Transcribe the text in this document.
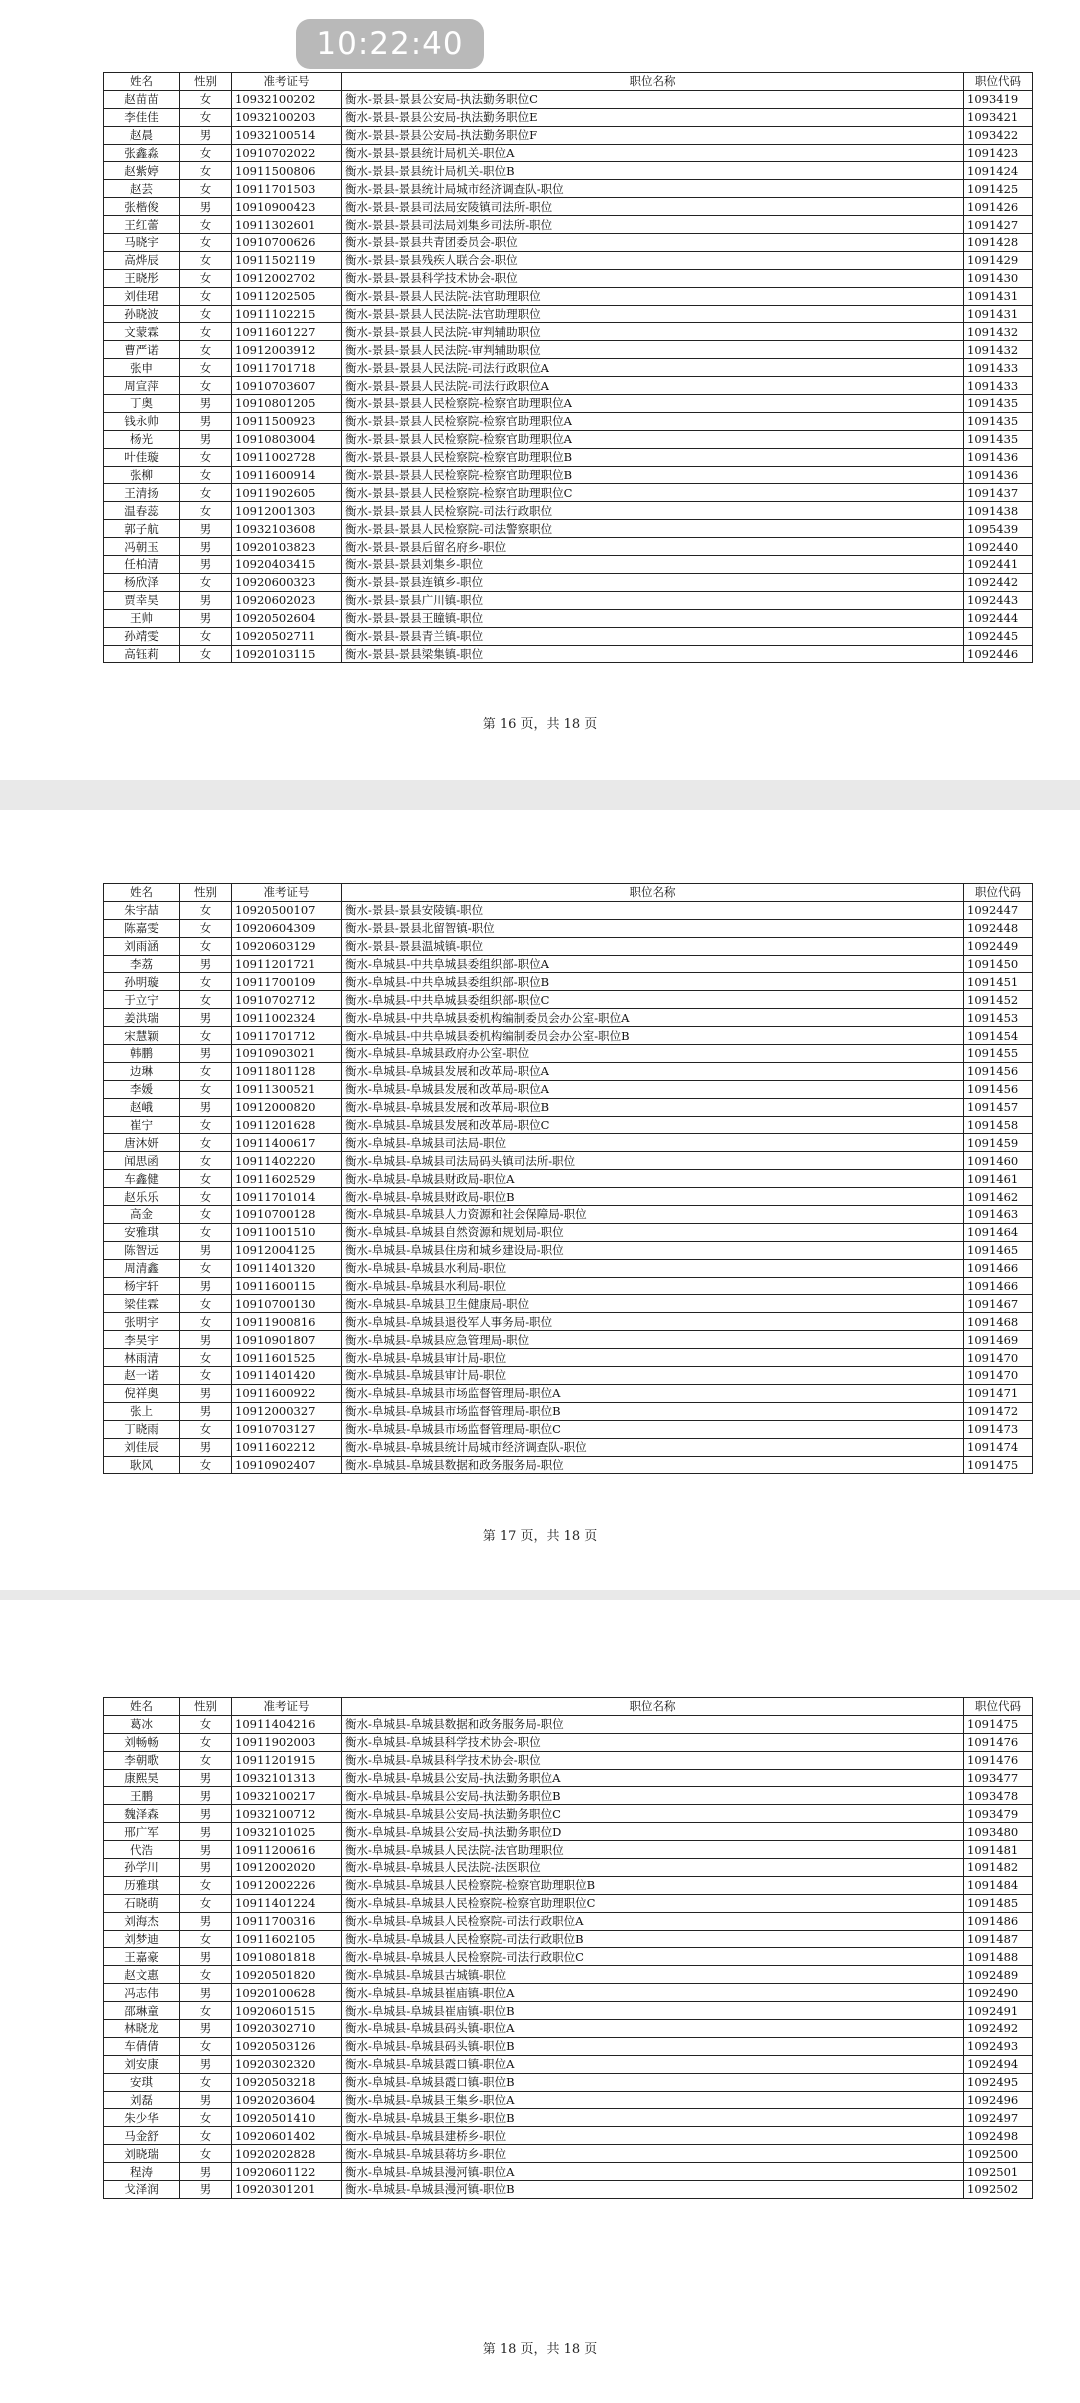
10:22:40
姓名	性别	准考证号	职位名称	职位代码
赵苗苗	女	10932100202	衡水-景县-景县公安局-执法勤务职位C	1093419
李佳佳	女	10932100203	衡水-景县-景县公安局-执法勤务职位E	1093421
赵晨	男	10932100514	衡水-景县-景县公安局-执法勤务职位F	1093422
张鑫淼	女	10910702022	衡水-景县-景县统计局机关-职位A	1091423
赵紫婷	女	10911500806	衡水-景县-景县统计局机关-职位B	1091424
赵芸	女	10911701503	衡水-景县-景县统计局城市经济调查队-职位	1091425
张楷俊	男	10910900423	衡水-景县-景县司法局安陵镇司法所-职位	1091426
王红蕾	女	10911302601	衡水-景县-景县司法局刘集乡司法所-职位	1091427
马晓宇	女	10910700626	衡水-景县-景县共青团委员会-职位	1091428
高烨辰	女	10911502119	衡水-景县-景县残疾人联合会-职位	1091429
王晓彤	女	10912002702	衡水-景县-景县科学技术协会-职位	1091430
刘佳珺	女	10911202505	衡水-景县-景县人民法院-法官助理职位	1091431
孙晓波	女	10911102215	衡水-景县-景县人民法院-法官助理职位	1091431
文蒙霖	女	10911601227	衡水-景县-景县人民法院-审判辅助职位	1091432
曹严诺	女	10912003912	衡水-景县-景县人民法院-审判辅助职位	1091432
张申	女	10911701718	衡水-景县-景县人民法院-司法行政职位A	1091433
周宣萍	女	10910703607	衡水-景县-景县人民法院-司法行政职位A	1091433
丁奥	男	10910801205	衡水-景县-景县人民检察院-检察官助理职位A	1091435
钱永帅	男	10911500923	衡水-景县-景县人民检察院-检察官助理职位A	1091435
杨光	男	10910803004	衡水-景县-景县人民检察院-检察官助理职位A	1091435
叶佳璇	女	10911002728	衡水-景县-景县人民检察院-检察官助理职位B	1091436
张柳	女	10911600914	衡水-景县-景县人民检察院-检察官助理职位B	1091436
王清扬	女	10911902605	衡水-景县-景县人民检察院-检察官助理职位C	1091437
温春蕊	女	10912001303	衡水-景县-景县人民检察院-司法行政职位	1091438
郭子航	男	10932103608	衡水-景县-景县人民检察院-司法警察职位	1095439
冯朝玉	男	10920103823	衡水-景县-景县后留名府乡-职位	1092440
任柏清	男	10920403415	衡水-景县-景县刘集乡-职位	1092441
杨欣泽	女	10920600323	衡水-景县-景县连镇乡-职位	1092442
贾幸昊	男	10920602023	衡水-景县-景县广川镇-职位	1092443
王帅	男	10920502604	衡水-景县-景县王瞳镇-职位	1092444
孙靖雯	女	10920502711	衡水-景县-景县青兰镇-职位	1092445
高钰莉	女	10920103115	衡水-景县-景县梁集镇-职位	1092446
第 16 页，共 18 页
姓名	性别	准考证号	职位名称	职位代码
朱宇喆	女	10920500107	衡水-景县-景县安陵镇-职位	1092447
陈嘉雯	女	10920604309	衡水-景县-景县北留智镇-职位	1092448
刘雨涵	女	10920603129	衡水-景县-景县温城镇-职位	1092449
李荔	男	10911201721	衡水-阜城县-中共阜城县委组织部-职位A	1091450
孙明璇	女	10911700109	衡水-阜城县-中共阜城县委组织部-职位B	1091451
于立宁	女	10910702712	衡水-阜城县-中共阜城县委组织部-职位C	1091452
姜洪瑞	男	10911002324	衡水-阜城县-中共阜城县委机构编制委员会办公室-职位A	1091453
宋慧颖	女	10911701712	衡水-阜城县-中共阜城县委机构编制委员会办公室-职位B	1091454
韩鹏	男	10910903021	衡水-阜城县-阜城县政府办公室-职位	1091455
边琳	女	10911801128	衡水-阜城县-阜城县发展和改革局-职位A	1091456
李媛	女	10911300521	衡水-阜城县-阜城县发展和改革局-职位A	1091456
赵峨	男	10912000820	衡水-阜城县-阜城县发展和改革局-职位B	1091457
崔宁	女	10911201628	衡水-阜城县-阜城县发展和改革局-职位C	1091458
唐沐妍	女	10911400617	衡水-阜城县-阜城县司法局-职位	1091459
闻思函	女	10911402220	衡水-阜城县-阜城县司法局码头镇司法所-职位	1091460
车鑫健	女	10911602529	衡水-阜城县-阜城县财政局-职位A	1091461
赵乐乐	女	10911701014	衡水-阜城县-阜城县财政局-职位B	1091462
高金	女	10910700128	衡水-阜城县-阜城县人力资源和社会保障局-职位	1091463
安雅琪	女	10911001510	衡水-阜城县-阜城县自然资源和规划局-职位	1091464
陈智远	男	10912004125	衡水-阜城县-阜城县住房和城乡建设局-职位	1091465
周清鑫	女	10911401320	衡水-阜城县-阜城县水利局-职位	1091466
杨宇轩	男	10911600115	衡水-阜城县-阜城县水利局-职位	1091466
梁佳霖	女	10910700130	衡水-阜城县-阜城县卫生健康局-职位	1091467
张明宇	女	10911900816	衡水-阜城县-阜城县退役军人事务局-职位	1091468
李昊宇	男	10910901807	衡水-阜城县-阜城县应急管理局-职位	1091469
林雨清	女	10911601525	衡水-阜城县-阜城县审计局-职位	1091470
赵一诺	女	10911401420	衡水-阜城县-阜城县审计局-职位	1091470
倪祥奥	男	10911600922	衡水-阜城县-阜城县市场监督管理局-职位A	1091471
张上	男	10912000327	衡水-阜城县-阜城县市场监督管理局-职位B	1091472
丁晓雨	女	10910703127	衡水-阜城县-阜城县市场监督管理局-职位C	1091473
刘佳辰	男	10911602212	衡水-阜城县-阜城县统计局城市经济调查队-职位	1091474
耿风	女	10910902407	衡水-阜城县-阜城县数据和政务服务局-职位	1091475
第 17 页，共 18 页
姓名	性别	准考证号	职位名称	职位代码
葛冰	女	10911404216	衡水-阜城县-阜城县数据和政务服务局-职位	1091475
刘畅畅	女	10911902003	衡水-阜城县-阜城县科学技术协会-职位	1091476
李朝歌	女	10911201915	衡水-阜城县-阜城县科学技术协会-职位	1091476
康熙昊	男	10932101313	衡水-阜城县-阜城县公安局-执法勤务职位A	1093477
王鹏	男	10932100217	衡水-阜城县-阜城县公安局-执法勤务职位B	1093478
魏泽森	男	10932100712	衡水-阜城县-阜城县公安局-执法勤务职位C	1093479
邢广军	男	10932101025	衡水-阜城县-阜城县公安局-执法勤务职位D	1093480
代浩	男	10911200616	衡水-阜城县-阜城县人民法院-法官助理职位	1091481
孙学川	男	10912002020	衡水-阜城县-阜城县人民法院-法医职位	1091482
历雅琪	女	10912002226	衡水-阜城县-阜城县人民检察院-检察官助理职位B	1091484
石晓萌	女	10911401224	衡水-阜城县-阜城县人民检察院-检察官助理职位C	1091485
刘海杰	男	10911700316	衡水-阜城县-阜城县人民检察院-司法行政职位A	1091486
刘梦迪	女	10911602105	衡水-阜城县-阜城县人民检察院-司法行政职位B	1091487
王嘉豪	男	10910801818	衡水-阜城县-阜城县人民检察院-司法行政职位C	1091488
赵文惠	女	10920501820	衡水-阜城县-阜城县古城镇-职位	1092489
冯志伟	男	10920100628	衡水-阜城县-阜城县崔庙镇-职位A	1092490
邵琳童	女	10920601515	衡水-阜城县-阜城县崔庙镇-职位B	1092491
林晓龙	男	10920302710	衡水-阜城县-阜城县码头镇-职位A	1092492
车倩倩	女	10920503126	衡水-阜城县-阜城县码头镇-职位B	1092493
刘安康	男	10920302320	衡水-阜城县-阜城县霞口镇-职位A	1092494
安琪	女	10920503218	衡水-阜城县-阜城县霞口镇-职位B	1092495
刘磊	男	10920203604	衡水-阜城县-阜城县王集乡-职位A	1092496
朱少华	女	10920501410	衡水-阜城县-阜城县王集乡-职位B	1092497
马金舒	女	10920601402	衡水-阜城县-阜城县建桥乡-职位	1092498
刘晓瑞	女	10920202828	衡水-阜城县-阜城县蒋坊乡-职位	1092500
程涛	男	10920601122	衡水-阜城县-阜城县漫河镇-职位A	1092501
戈泽润	男	10920301201	衡水-阜城县-阜城县漫河镇-职位B	1092502
第 18 页，共 18 页
